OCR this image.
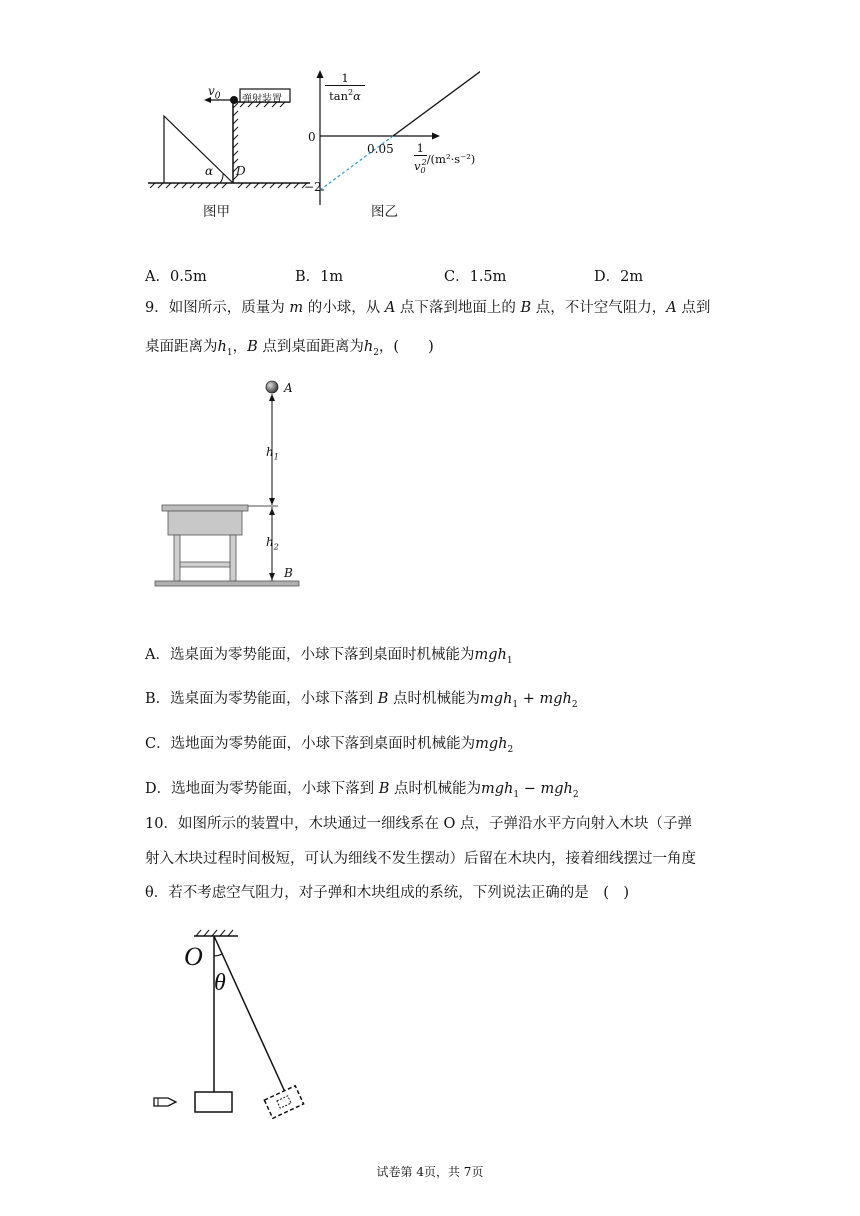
$v_0$ 弹射装置
α D
图甲
1
$\tan^2\alpha$
0
−2
$0.05 \frac{1}{v_0^2} /(m^2\cdot s^{-2})$
图乙
A．0.5m	B．1m	C．1.5m	D．2m
9．如图所示，质量为 m 的小球，从 A 点下落到地面上的 B 点，不计空气阻力，A 点到
桌面距离为$h_1$，B 点到桌面距离为$h_2$，(　　)
A
$h_1$
$h_2$
B
A．选桌面为零势能面，小球下落到桌面时机械能为mgh$_1$
B．选桌面为零势能面，小球下落到 B 点时机械能为mgh$_1$ + mgh$_2$
C．选地面为零势能面，小球下落到桌面时机械能为mgh$_2$
D．选地面为零势能面，小球下落到 B 点时机械能为mgh$_1$ − mgh$_2$
10．如图所示的装置中，木块通过一细线系在 O 点，子弹沿水平方向射入木块（子弹
射入木块过程时间极短，可认为细线不发生摆动）后留在木块内，接着细线摆过一角度
θ．若不考虑空气阻力，对子弹和木块组成的系统，下列说法正确的是　(　)
O
θ
试卷第 4页，共 7页
